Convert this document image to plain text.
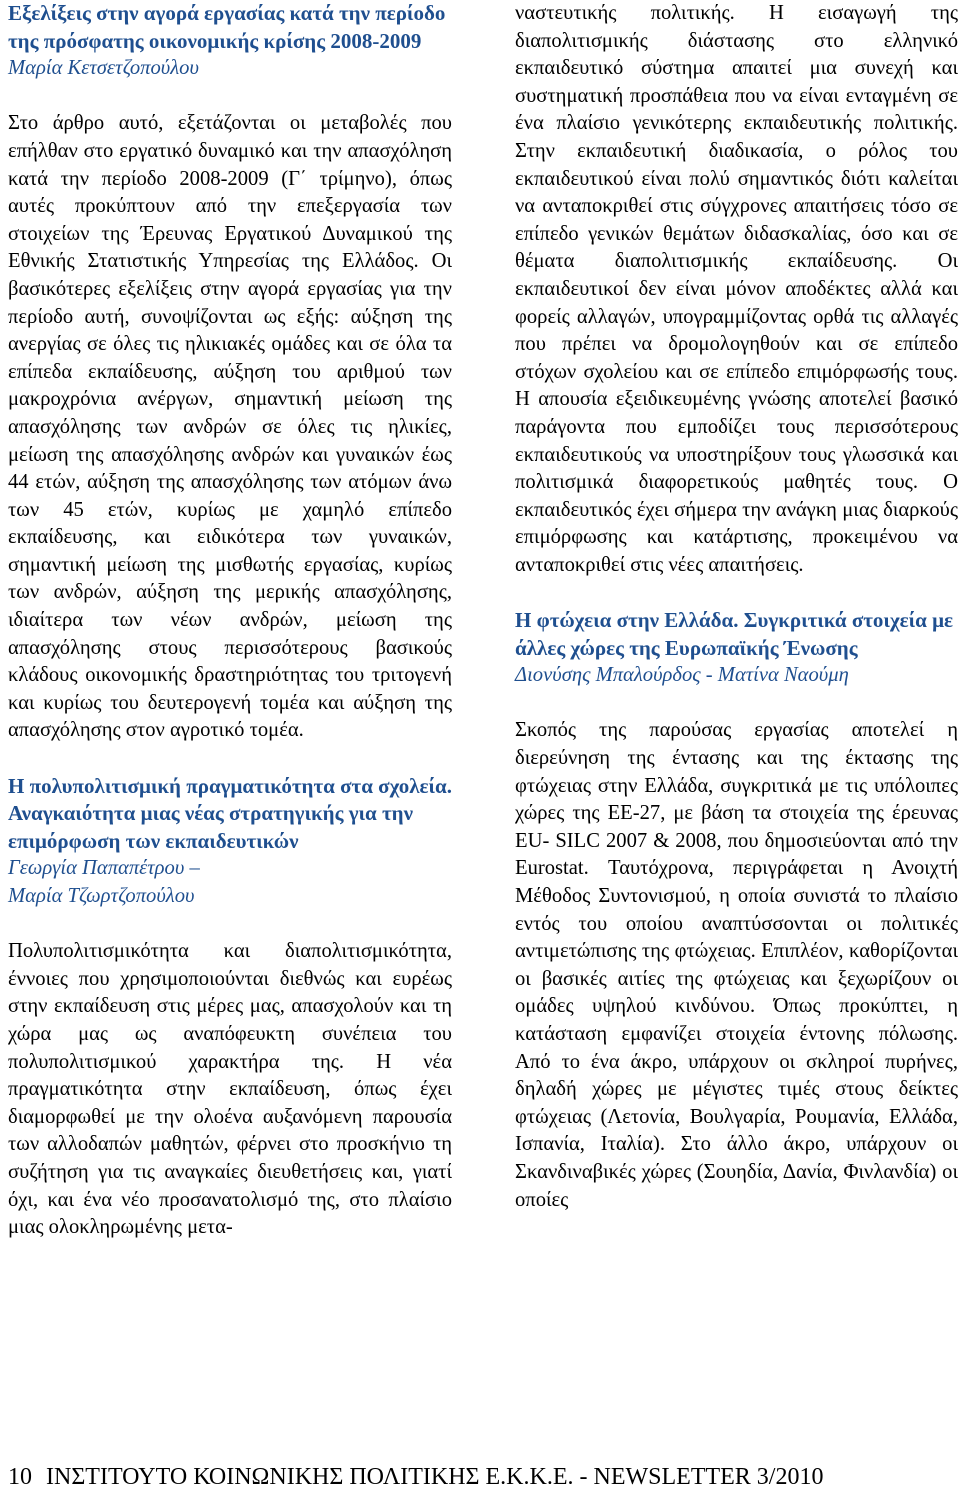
Εξελίξεις στην αγορά εργασίας κατά την περίοδο της πρόσφατης οικονομικής κρίσης 2008-2009
Μαρία Κετσετζοπούλου

Στο άρθρο αυτό, εξετάζονται οι μεταβολές που επήλθαν στο εργατικό δυναμικό και την απασχόληση κατά την περίοδο 2008-2009 (Γ΄ τρίμηνο), όπως αυτές προκύπτουν από την επεξεργασία των στοιχείων της Έρευνας Εργατικού Δυναμικού της Εθνικής Στατιστικής Υπηρεσίας της Ελλάδος. Οι βασικότερες εξελίξεις στην αγορά εργασίας για την περίοδο αυτή, συνοψίζονται ως εξής: αύξηση της ανεργίας σε όλες τις ηλικιακές ομάδες και σε όλα τα επίπεδα εκπαίδευσης, αύξηση του αριθμού των μακροχρόνια ανέργων, σημαντική μείωση της απασχόλησης των ανδρών σε όλες τις ηλικίες, μείωση της απασχόλησης ανδρών και γυναικών έως 44 ετών, αύξηση της απασχόλησης των ατόμων άνω των 45 ετών, κυρίως με χαμηλό επίπεδο εκπαίδευσης, και ειδικότερα των γυναικών, σημαντική μείωση της μισθωτής εργασίας, κυρίως των ανδρών, αύξηση της μερικής απασχόλησης, ιδιαίτερα των νέων ανδρών, μείωση της απασχόλησης στους περισσότερους βασικούς κλάδους οικονομικής δραστηριότητας του τριτογενή και κυρίως του δευτερογενή τομέα και αύξηση της απασχόλησης στον αγροτικό τομέα.

Η πολυπολιτισμική πραγματικότητα στα σχολεία. Αναγκαιότητα μιας νέας στρατηγικής για την επιμόρφωση των εκπαιδευτικών
Γεωργία Παπαπέτρου –
Μαρία Τζωρτζοπούλου

Πολυπολιτισμικότητα και διαπολιτισμικότητα, έννοιες που χρησιμοποιούνται διεθνώς και ευρέως στην εκπαίδευση στις μέρες μας, απασχολούν και τη χώρα μας ως αναπόφευκτη συνέπεια του πολυπολιτισμικού χαρακτήρα της. Η νέα πραγματικότητα στην εκπαίδευση, όπως έχει διαμορφωθεί με την ολοένα αυξανόμενη παρουσία των αλλοδαπών μαθητών, φέρνει στο προσκήνιο τη συζήτηση για τις αναγκαίες διευθετήσεις και, γιατί όχι, και ένα νέο προσανατολισμό της, στο πλαίσιο μιας ολοκληρωμένης μετα-

ναστευτικής πολιτικής. Η εισαγωγή της διαπολιτισμικής διάστασης στο ελληνικό εκπαιδευτικό σύστημα απαιτεί μια συνεχή και συστηματική προσπάθεια που να είναι ενταγμένη σε ένα πλαίσιο γενικότερης εκπαιδευτικής πολιτικής. Στην εκπαιδευτική διαδικασία, ο ρόλος του εκπαιδευτικού είναι πολύ σημαντικός διότι καλείται να ανταποκριθεί στις σύγχρονες απαιτήσεις τόσο σε επίπεδο γενικών θεμάτων διδασκαλίας, όσο και σε θέματα διαπολιτισμικής εκπαίδευσης. Οι εκπαιδευτικοί δεν είναι μόνον αποδέκτες αλλά και φορείς αλλαγών, υπογραμμίζοντας ορθά τις αλλαγές που πρέπει να δρομολογηθούν και σε επίπεδο στόχων σχολείου και σε επίπεδο επιμόρφωσής τους. Η απουσία εξειδικευμένης γνώσης αποτελεί βασικό παράγοντα που εμποδίζει τους περισσότερους εκπαιδευτικούς να υποστηρίξουν τους γλωσσικά και πολιτισμικά διαφορετικούς μαθητές τους. Ο εκπαιδευτικός έχει σήμερα την ανάγκη μιας διαρκούς επιμόρφωσης και κατάρτισης, προκειμένου να ανταποκριθεί στις νέες απαιτήσεις.

Η φτώχεια στην Ελλάδα. Συγκριτικά στοιχεία με άλλες χώρες της Ευρωπαϊκής Ένωσης
Διονύσης Μπαλούρδος - Ματίνα Ναούμη

Σκοπός της παρούσας εργασίας αποτελεί η διερεύνηση της έντασης και της έκτασης της φτώχειας στην Ελλάδα, συγκριτικά με τις υπόλοιπες χώρες της ΕΕ-27, με βάση τα στοιχεία της έρευνας EU- SILC 2007 & 2008, που δημοσιεύονται από την Eurostat. Ταυτόχρονα, περιγράφεται η Ανοιχτή Μέθοδος Συντονισμού, η οποία συνιστά το πλαίσιο εντός του οποίου αναπτύσσονται οι πολιτικές αντιμετώπισης της φτώχειας. Επιπλέον, καθορίζονται οι βασικές αιτίες της φτώχειας και ξεχωρίζουν οι ομάδες υψηλού κινδύνου. Όπως προκύπτει, η κατάσταση εμφανίζει στοιχεία έντονης πόλωσης. Από το ένα άκρο, υπάρχουν οι σκληροί πυρήνες, δηλαδή χώρες με μέγιστες τιμές στους δείκτες φτώχειας (Λετονία, Βουλγαρία, Ρουμανία, Ελλάδα, Ισπανία, Ιταλία). Στο άλλο άκρο, υπάρχουν οι Σκανδιναβικές χώρες (Σουηδία, Δανία, Φινλανδία) οι οποίες

10 ΙΝΣΤΙΤΟΥΤΟ ΚΟΙΝΩΝΙΚΗΣ ΠΟΛΙΤΙΚΗΣ Ε.Κ.Κ.Ε. - NEWSLETTER 3/2010
